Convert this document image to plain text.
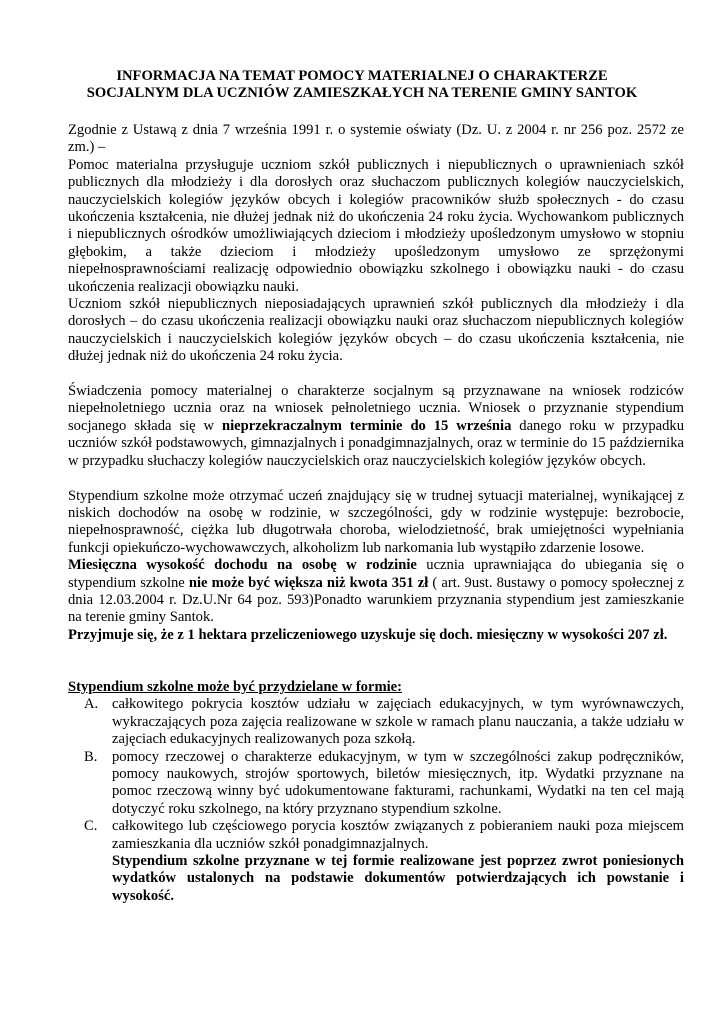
INFORMACJA NA TEMAT POMOCY MATERIALNEJ O CHARAKTERZE
SOCJALNYM DLA UCZNIÓW ZAMIESZKAŁYCH NA TERENIE GMINY SANTOK

Zgodnie z Ustawą z dnia 7 września 1991 r. o systemie oświaty (Dz. U. z 2004 r. nr 256 poz. 2572 ze zm.) –

Pomoc materialna przysługuje uczniom szkół publicznych i niepublicznych o uprawnieniach szkół publicznych dla młodzieży i dla dorosłych oraz słuchaczom publicznych kolegiów nauczycielskich, nauczycielskich kolegiów języków obcych i kolegiów pracowników służb społecznych - do czasu ukończenia kształcenia, nie dłużej jednak niż do ukończenia 24 roku życia. Wychowankom publicznych i niepublicznych ośrodków umożliwiających dzieciom i młodzieży upośledzonym umysłowo w stopniu głębokim, a także dzieciom i młodzieży upośledzonym umysłowo ze sprzężonymi niepełnosprawnościami realizację odpowiednio obowiązku szkolnego i obowiązku nauki - do czasu ukończenia realizacji obowiązku nauki.

Uczniom szkół niepublicznych nieposiadających uprawnień szkół publicznych dla młodzieży i dla dorosłych – do czasu ukończenia realizacji obowiązku nauki oraz słuchaczom niepublicznych kolegiów nauczycielskich i nauczycielskich kolegiów języków obcych – do czasu ukończenia kształcenia, nie dłużej jednak niż do ukończenia 24 roku życia.

Świadczenia pomocy materialnej o charakterze socjalnym są przyznawane na wniosek rodziców niepełnoletniego ucznia oraz na wniosek pełnoletniego ucznia. Wniosek o przyznanie stypendium socjanego składa się w nieprzekraczalnym terminie do 15 września danego roku w przypadku uczniów szkół podstawowych, gimnazjalnych i ponadgimnazjalnych, oraz w terminie do 15 października w przypadku słuchaczy kolegiów nauczycielskich oraz nauczycielskich kolegiów języków obcych.

Stypendium szkolne może otrzymać uczeń znajdujący się w trudnej sytuacji materialnej, wynikającej z niskich dochodów na osobę w rodzinie, w szczególności, gdy w rodzinie występuje: bezrobocie, niepełnosprawność, ciężka lub długotrwała choroba, wielodzietność, brak umiejętności wypełniania funkcji opiekuńczo-wychowawczych, alkoholizm lub narkomania lub wystąpiło zdarzenie losowe.

Miesięczna wysokość dochodu na osobę w rodzinie ucznia uprawniająca do ubiegania się o stypendium szkolne nie może być większa niż kwota 351 zł ( art. 9ust. 8ustawy o pomocy społecznej z dnia 12.03.2004 r. Dz.U.Nr 64 poz. 593)Ponadto warunkiem przyznania stypendium jest zamieszkanie na terenie gminy Santok.

Przyjmuje się, że z 1 hektara przeliczeniowego uzyskuje się doch. miesięczny w wysokości 207 zł.

Stypendium szkolne może być przydzielane w formie:

A. całkowitego pokrycia kosztów udziału w zajęciach edukacyjnych, w tym wyrównawczych, wykraczających poza zajęcia realizowane w szkole w ramach planu nauczania, a także udziału w zajęciach edukacyjnych realizowanych poza szkołą.
B. pomocy rzeczowej o charakterze edukacyjnym, w tym w szczególności zakup podręczników, pomocy naukowych, strojów sportowych, biletów miesięcznych, itp. Wydatki przyznane na pomoc rzeczową winny być udokumentowane fakturami, rachunkami, Wydatki na ten cel mają dotyczyć roku szkolnego, na który przyznano stypendium szkolne.
C. całkowitego lub częściowego porycia kosztów związanych z pobieraniem nauki poza miejscem zamieszkania dla uczniów szkół ponadgimnazjalnych.

Stypendium szkolne przyznane w tej formie realizowane jest poprzez zwrot poniesionych wydatków ustalonych na podstawie dokumentów potwierdzających ich powstanie i wysokość.
